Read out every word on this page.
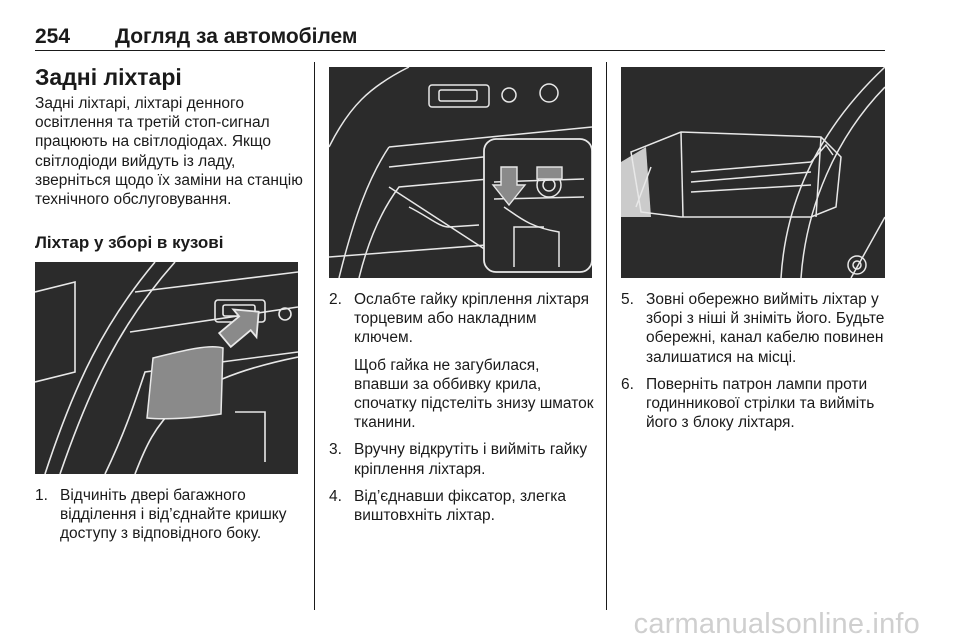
254 Догляд за автомобілем
Задні ліхтарі
Задні ліхтарі, ліхтарі денного освітлення та третій стоп-сигнал працюють на світлодіодах. Якщо світлодіоди вийдуть із ладу, зверніться щодо їх заміни на станцію технічного обслуговування.
Ліхтар у зборі в кузові
1. Відчиніть двері багажного відділення і від’єднайте кришку доступу з відповідного боку.

2. Ослабте гайку кріплення ліхтаря торцевим або накладним ключем.

Щоб гайка не загубилася, впавши за оббивку крила, спочатку підстеліть знизу шматок тканини.

3. Вручну відкрутіть і вийміть гайку кріплення ліхтаря.

4. Від’єднавши фіксатор, злегка виштовхніть ліхтар.

5. Зовні обережно вийміть ліхтар у зборі з ніші й зніміть його. Будьте обережні, канал кабелю повинен залишатися на місці.

6. Поверніть патрон лампи проти годинникової стрілки та вийміть його з блоку ліхтаря.

carmanualsonline.info
